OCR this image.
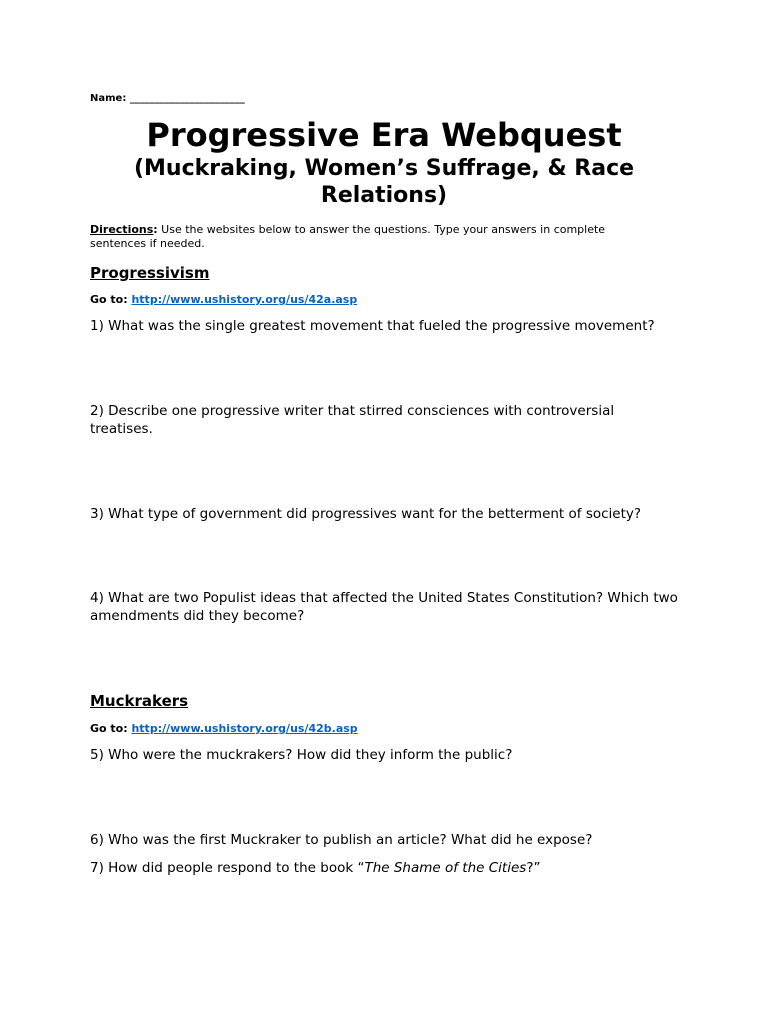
Name: _______________________
Progressive Era Webquest
(Muckraking, Women’s Suffrage, & Race Relations)
Directions: Use the websites below to answer the questions. Type your answers in complete sentences if needed.
Progressivism
Go to: http://www.ushistory.org/us/42a.asp
1) What was the single greatest movement that fueled the progressive movement?
2) Describe one progressive writer that stirred consciences with controversial treatises.
3) What type of government did progressives want for the betterment of society?
4) What are two Populist ideas that affected the United States Constitution? Which two amendments did they become?
Muckrakers
Go to: http://www.ushistory.org/us/42b.asp
5) Who were the muckrakers? How did they inform the public?
6) Who was the first Muckraker to publish an article? What did he expose?
7) How did people respond to the book “The Shame of the Cities?”
